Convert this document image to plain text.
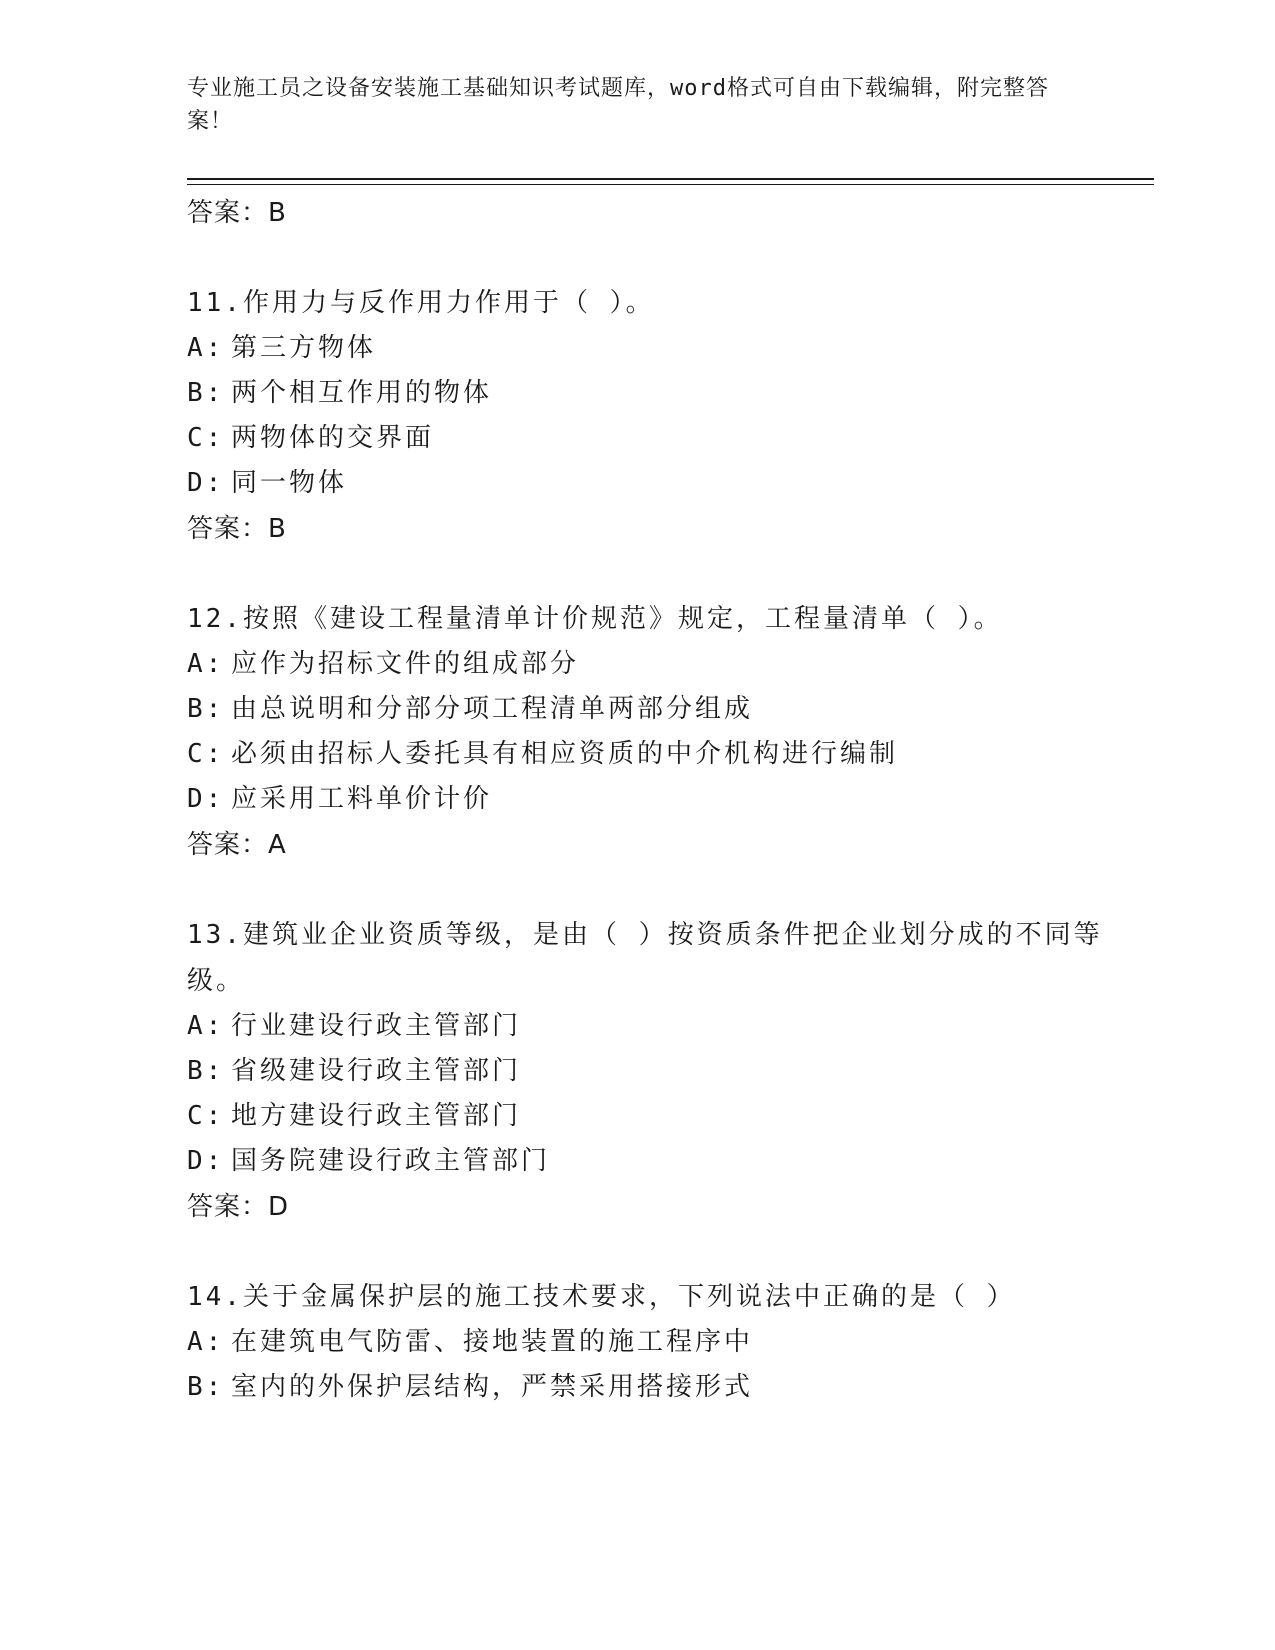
专业施工员之设备安装施工基础知识考试题库，word格式可自由下载编辑，附完整答案！

答案：B

11.作用力与反作用力作用于（ ）。

A: 第三方物体

B: 两个相互作用的物体

C: 两物体的交界面

D: 同一物体

答案：B

12.按照《建设工程量清单计价规范》规定，工程量清单（ ）。

A: 应作为招标文件的组成部分

B: 由总说明和分部分项工程清单两部分组成

C: 必须由招标人委托具有相应资质的中介机构进行编制

D: 应采用工料单价计价

答案：A

13.建筑业企业资质等级，是由（ ）按资质条件把企业划分成的不同等级。

A: 行业建设行政主管部门

B: 省级建设行政主管部门

C: 地方建设行政主管部门

D: 国务院建设行政主管部门

答案：D

14.关于金属保护层的施工技术要求，下列说法中正确的是（ ）

A: 在建筑电气防雷、接地装置的施工程序中

B: 室内的外保护层结构，严禁采用搭接形式
